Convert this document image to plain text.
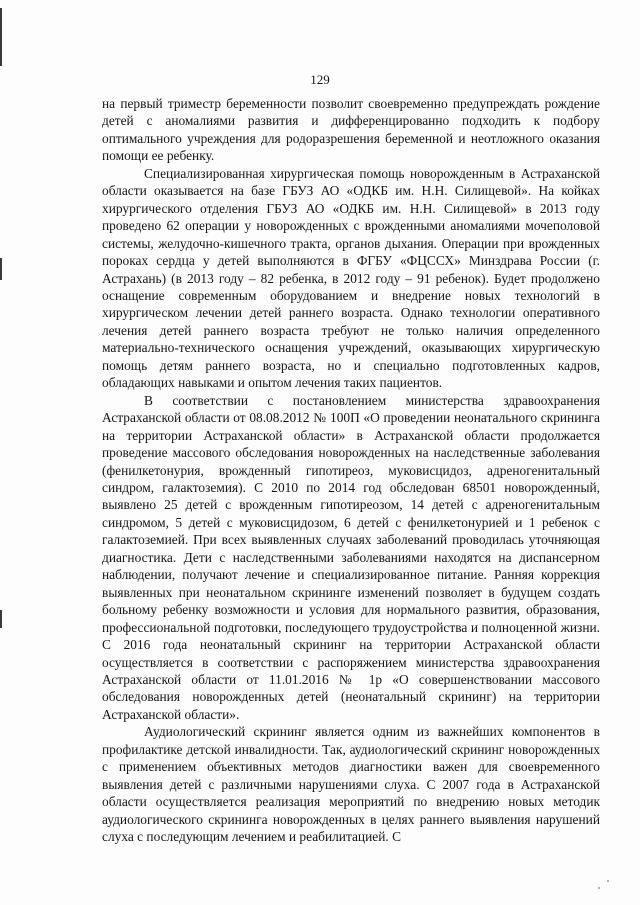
129

на первый триместр беременности позволит своевременно предупреждать рождение детей с аномалиями развития и дифференцированно подходить к подбору оптимального учреждения для родоразрешения беременной и неотложного оказания помощи ее ребенку.

Специализированная хирургическая помощь новорожденным в Астраханской области оказывается на базе ГБУЗ АО «ОДКБ им. Н.Н. Силищевой». На койках хирургического отделения ГБУЗ АО «ОДКБ им. Н.Н. Силищевой» в 2013 году проведено 62 операции у новорожденных с врожденными аномалиями мочеполовой системы, желудочно-кишечного тракта, органов дыхания. Операции при врожденных пороках сердца у детей выполняются в ФГБУ «ФЦССХ» Минздрава России (г. Астрахань) (в 2013 году – 82 ребенка, в 2012 году – 91 ребенок). Будет продолжено оснащение современным оборудованием и внедрение новых технологий в хирургическом лечении детей раннего возраста. Однако технологии оперативного лечения детей раннего возраста требуют не только наличия определенного материально-технического оснащения учреждений, оказывающих хирургическую помощь детям раннего возраста, но и специально подготовленных кадров, обладающих навыками и опытом лечения таких пациентов.

В соответствии с постановлением министерства здравоохранения Астраханской области от 08.08.2012 № 100П «О проведении неонатального скрининга на территории Астраханской области» в Астраханской области продолжается проведение массового обследования новорожденных на наследственные заболевания (фенилкетонурия, врожденный гипотиреоз, муковисцидоз, адреногенитальный синдром, галактоземия). С 2010 по 2014 год обследован 68501 новорожденный, выявлено 25 детей с врожденным гипотиреозом, 14 детей с адреногенитальным синдромом, 5 детей с муковисцидозом, 6 детей с фенилкетонурией и 1 ребенок с галактоземией. При всех выявленных случаях заболеваний проводилась уточняющая диагностика. Дети с наследственными заболеваниями находятся на диспансерном наблюдении, получают лечение и специализированное питание. Ранняя коррекция выявленных при неонатальном скрининге изменений позволяет в будущем создать больному ребенку возможности и условия для нормального развития, образования, профессиональной подготовки, последующего трудоустройства и полноценной жизни. С 2016 года неонатальный скрининг на территории Астраханской области осуществляется в соответствии с распоряжением министерства здравоохранения Астраханской области от 11.01.2016 № 1р «О совершенствовании массового обследования новорожденных детей (неонатальный скрининг) на территории Астраханской области».

Аудиологический скрининг является одним из важнейших компонентов в профилактике детской инвалидности. Так, аудиологический скрининг новорожденных с применением объективных методов диагностики важен для своевременного выявления детей с различными нарушениями слуха. С 2007 года в Астраханской области осуществляется реализация мероприятий по внедрению новых методик аудиологического скрининга новорожденных в целях раннего выявления нарушений слуха с последующим лечением и реабилитацией. С
